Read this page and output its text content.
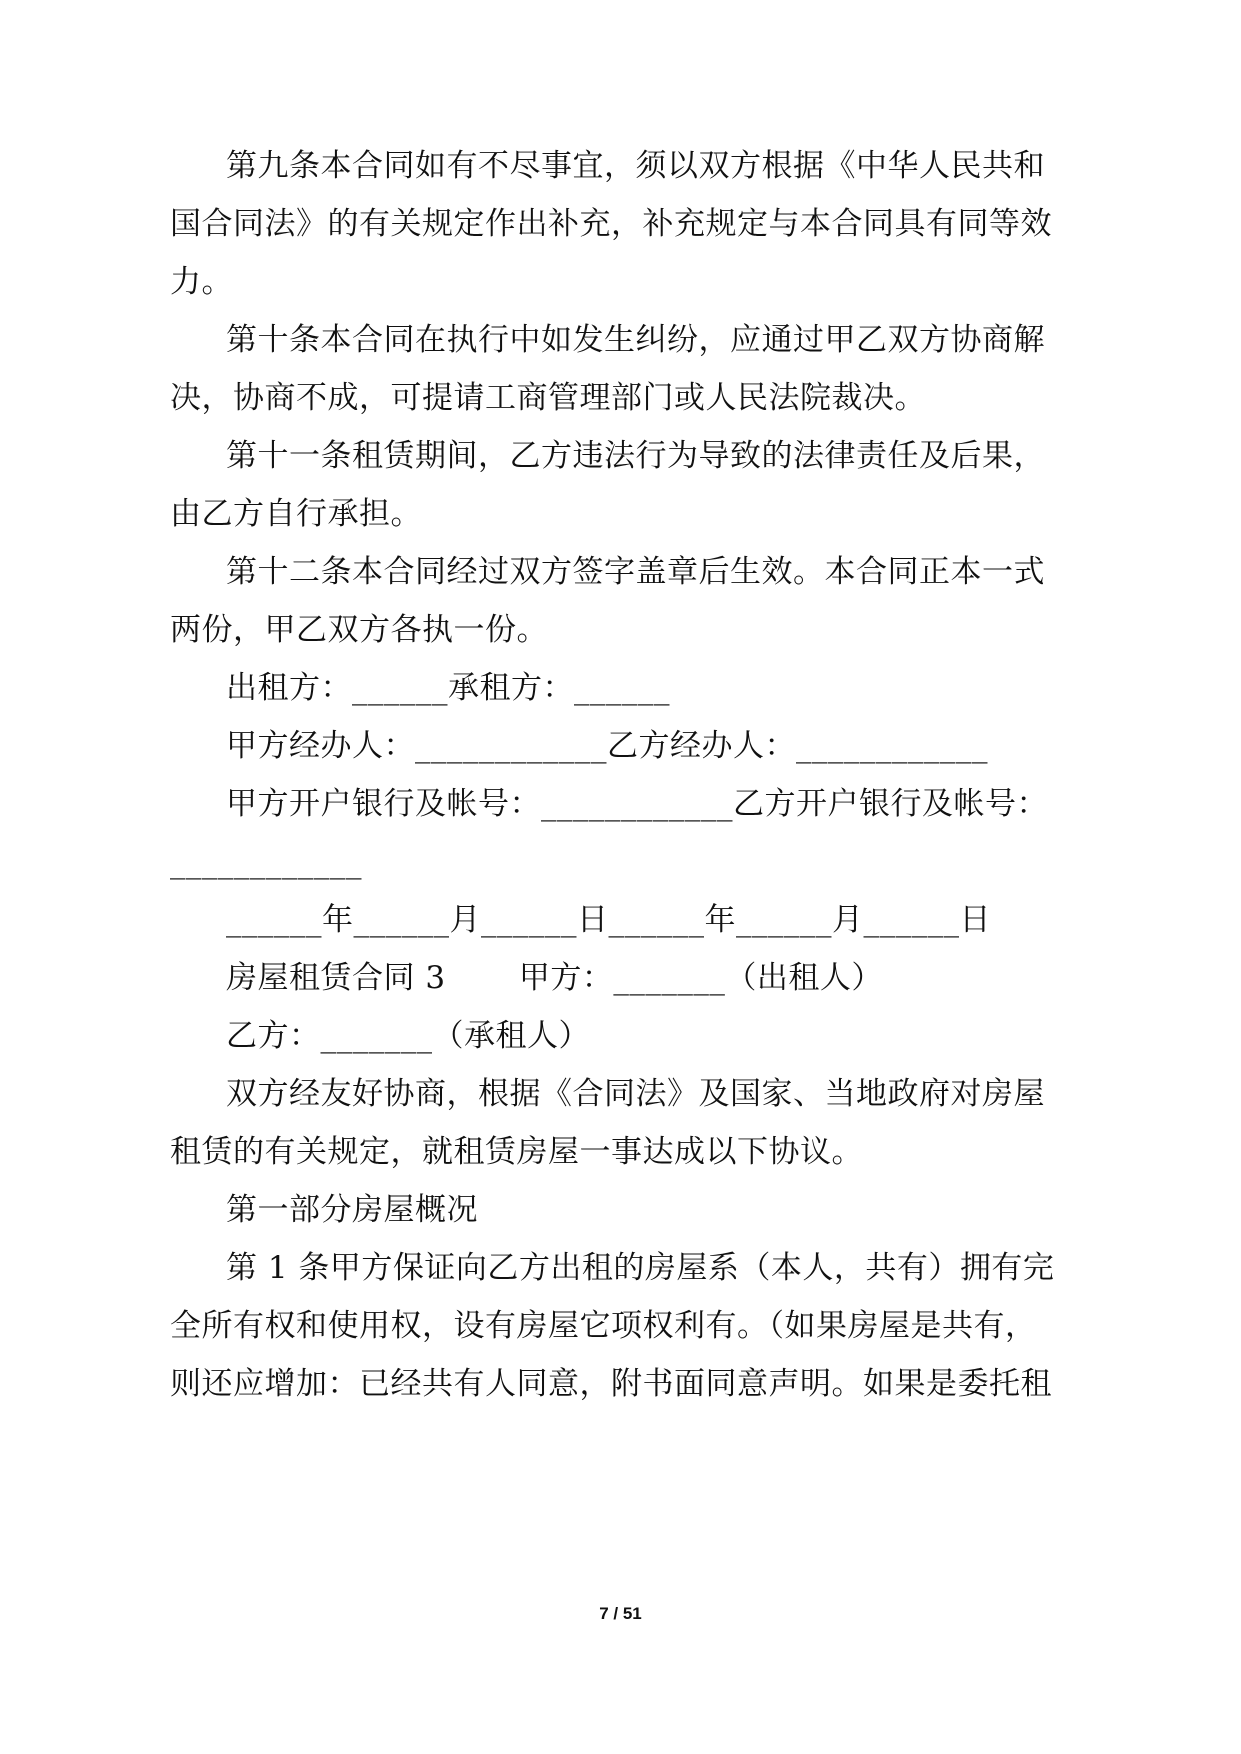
第九条本合同如有不尽事宜，须以双方根据《中华人民共和
国合同法》的有关规定作出补充，补充规定与本合同具有同等效
力。
第十条本合同在执行中如发生纠纷，应通过甲乙双方协商解
决，协商不成，可提请工商管理部门或人民法院裁决。
第十一条租赁期间，乙方违法行为导致的法律责任及后果，
由乙方自行承担。
第十二条本合同经过双方签字盖章后生效。本合同正本一式
两份，甲乙双方各执一份。
出租方：______承租方：______
甲方经办人：____________乙方经办人：____________
甲方开户银行及帐号：____________乙方开户银行及帐号：
____________
______年______月______日______年______月______日
房屋租赁合同 3　　 甲方：_______（出租人）
乙方：_______（承租人）
双方经友好协商，根据《合同法》及国家、当地政府对房屋
租赁的有关规定，就租赁房屋一事达成以下协议。
第一部分房屋概况
第 1 条甲方保证向乙方出租的房屋系（本人，共有）拥有完
全所有权和使用权，设有房屋它项权利有。（如果房屋是共有，
则还应增加：已经共有人同意，附书面同意声明。如果是委托租
7 / 51
